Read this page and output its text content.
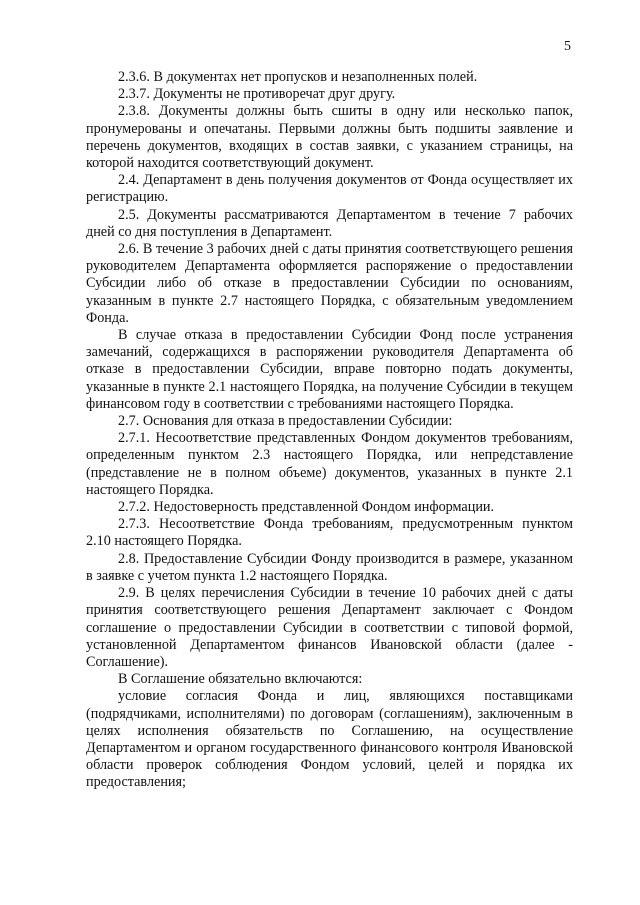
5

2.3.6. В документах нет пропусков и незаполненных полей.

2.3.7. Документы не противоречат друг другу.

2.3.8. Документы должны быть сшиты в одну или несколько папок, пронумерованы и опечатаны. Первыми должны быть подшиты заявление и перечень документов, входящих в состав заявки, с указанием страницы, на которой находится соответствующий документ.

2.4. Департамент в день получения документов от Фонда осуществляет их регистрацию.

2.5. Документы рассматриваются Департаментом в течение 7 рабочих дней со дня поступления в Департамент.

2.6. В течение 3 рабочих дней с даты принятия соответствующего решения руководителем Департамента оформляется распоряжение о предоставлении Субсидии либо об отказе в предоставлении Субсидии по основаниям, указанным в пункте 2.7 настоящего Порядка, с обязательным уведомлением Фонда.

В случае отказа в предоставлении Субсидии Фонд после устранения замечаний, содержащихся в распоряжении руководителя Департамента об отказе в предоставлении Субсидии, вправе повторно подать документы, указанные в пункте 2.1 настоящего Порядка, на получение Субсидии в текущем финансовом году в соответствии с требованиями настоящего Порядка.

2.7. Основания для отказа в предоставлении Субсидии:

2.7.1. Несоответствие представленных Фондом документов требованиям, определенным пунктом 2.3 настоящего Порядка, или непредставление (представление не в полном объеме) документов, указанных в пункте 2.1 настоящего Порядка.

2.7.2. Недостоверность представленной Фондом информации.

2.7.3. Несоответствие Фонда требованиям, предусмотренным пунктом 2.10 настоящего Порядка.

2.8. Предоставление Субсидии Фонду производится в размере, указанном в заявке с учетом пункта 1.2 настоящего Порядка.

2.9. В целях перечисления Субсидии в течение 10 рабочих дней с даты принятия соответствующего решения Департамент заключает с Фондом соглашение о предоставлении Субсидии в соответствии с типовой формой, установленной Департаментом финансов Ивановской области (далее - Соглашение).

В Соглашение обязательно включаются:

условие согласия Фонда и лиц, являющихся поставщиками (подрядчиками, исполнителями) по договорам (соглашениям), заключенным в целях исполнения обязательств по Соглашению, на осуществление Департаментом и органом государственного финансового контроля Ивановской области проверок соблюдения Фондом условий, целей и порядка их предоставления;
